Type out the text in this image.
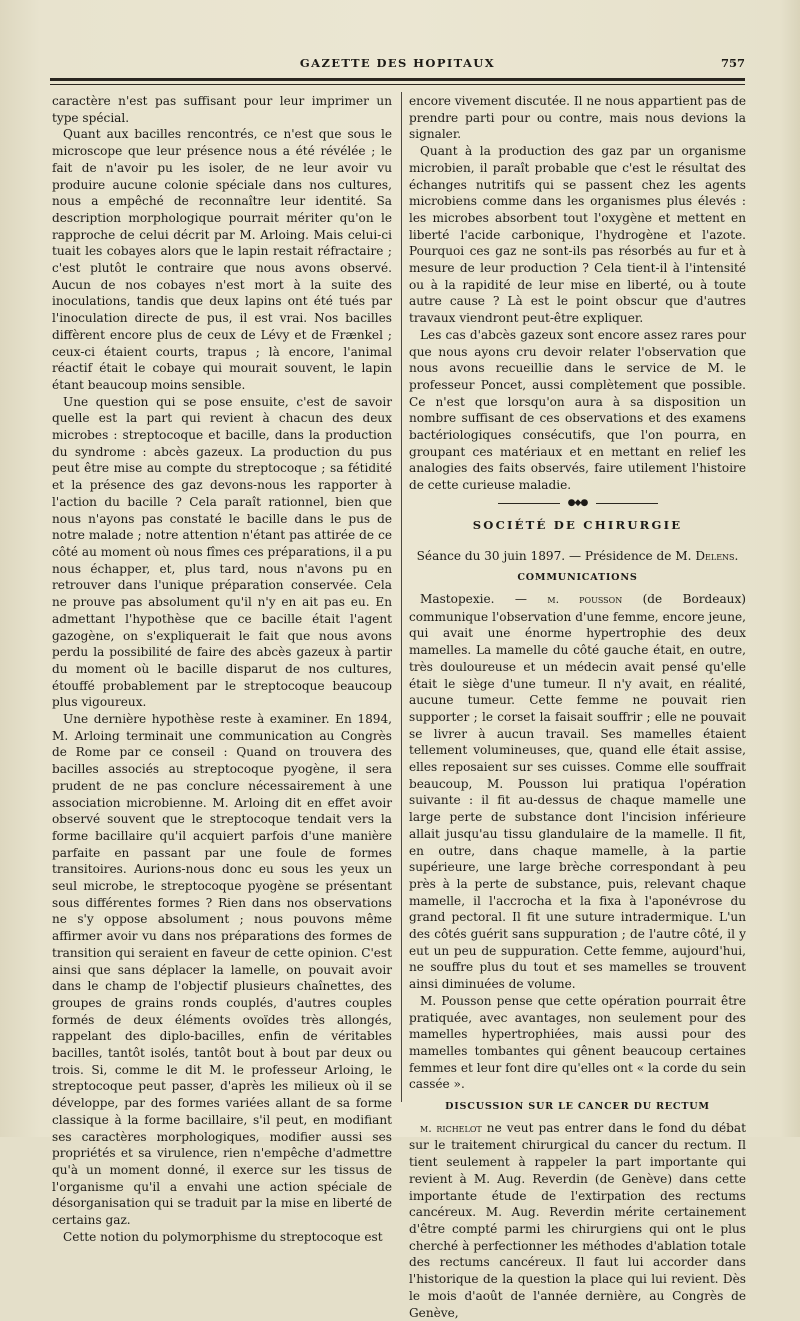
GAZETTE DES HOPITAUX	757

caractère n'est pas suffisant pour leur imprimer un type spécial.

Quant aux bacilles rencontrés, ce n'est que sous le microscope que leur présence nous a été révélée ; le fait de n'avoir pu les isoler, de ne leur avoir vu produire aucune colonie spéciale dans nos cultures, nous a empêché de reconnaître leur identité. Sa description morphologique pourrait mériter qu'on le rapproche de celui décrit par M. Arloing. Mais celui-ci tuait les cobayes alors que le lapin restait réfractaire ; c'est plutôt le contraire que nous avons observé. Aucun de nos cobayes n'est mort à la suite des inoculations, tandis que deux lapins ont été tués par l'inoculation directe de pus, il est vrai. Nos bacilles diffèrent encore plus de ceux de Lévy et de Frænkel ; ceux-ci étaient courts, trapus ; là encore, l'animal réactif était le cobaye qui mourait souvent, le lapin étant beaucoup moins sensible.

Une question qui se pose ensuite, c'est de savoir quelle est la part qui revient à chacun des deux microbes : streptocoque et bacille, dans la production du syndrome : abcès gazeux. La production du pus peut être mise au compte du streptocoque ; sa fétidité et la présence des gaz devons-nous les rapporter à l'action du bacille ? Cela paraît rationnel, bien que nous n'ayons pas constaté le bacille dans le pus de notre malade ; notre attention n'étant pas attirée de ce côté au moment où nous fîmes ces préparations, il a pu nous échapper, et, plus tard, nous n'avons pu en retrouver dans l'unique préparation conservée. Cela ne prouve pas absolument qu'il n'y en ait pas eu. En admettant l'hypothèse que ce bacille était l'agent gazogène, on s'expliquerait le fait que nous avons perdu la possibilité de faire des abcès gazeux à partir du moment où le bacille disparut de nos cultures, étouffé probablement par le streptocoque beaucoup plus vigoureux.

Une dernière hypothèse reste à examiner. En 1894, M. Arloing terminait une communication au Congrès de Rome par ce conseil : Quand on trouvera des bacilles associés au streptocoque pyogène, il sera prudent de ne pas conclure nécessairement à une association microbienne. M. Arloing dit en effet avoir observé souvent que le streptocoque tendait vers la forme bacillaire qu'il acquiert parfois d'une manière parfaite en passant par une foule de formes transitoires. Aurions-nous donc eu sous les yeux un seul microbe, le streptocoque pyogène se présentant sous différentes formes ? Rien dans nos observations ne s'y oppose absolument ; nous pouvons même affirmer avoir vu dans nos préparations des formes de transition qui seraient en faveur de cette opinion. C'est ainsi que sans déplacer la lamelle, on pouvait avoir dans le champ de l'objectif plusieurs chaînettes, des groupes de grains ronds couplés, d'autres couples formés de deux éléments ovoïdes très allongés, rappelant des diplo-bacilles, enfin de véritables bacilles, tantôt isolés, tantôt bout à bout par deux ou trois. Si, comme le dit M. le professeur Arloing, le streptocoque peut passer, d'après les milieux où il se développe, par des formes variées allant de sa forme classique à la forme bacillaire, s'il peut, en modifiant ses caractères morphologiques, modifier aussi ses propriétés et sa virulence, rien n'empêche d'admettre qu'à un moment donné, il exerce sur les tissus de l'organisme qu'il a envahi une action spéciale de désorganisation qui se traduit par la mise en liberté de certains gaz.

Cette notion du polymorphisme du streptocoque est

encore vivement discutée. Il ne nous appartient pas de prendre parti pour ou contre, mais nous devions la signaler.

Quant à la production des gaz par un organisme microbien, il paraît probable que c'est le résultat des échanges nutritifs qui se passent chez les agents microbiens comme dans les organismes plus élevés : les microbes absorbent tout l'oxygène et mettent en liberté l'acide carbonique, l'hydrogène et l'azote. Pourquoi ces gaz ne sont-ils pas résorbés au fur et à mesure de leur production ? Cela tient-il à l'intensité ou à la rapidité de leur mise en liberté, ou à toute autre cause ? Là est le point obscur que d'autres travaux viendront peut-être expliquer.

Les cas d'abcès gazeux sont encore assez rares pour que nous ayons cru devoir relater l'observation que nous avons recueillie dans le service de M. le professeur Poncet, aussi complètement que possible. Ce n'est que lorsqu'on aura à sa disposition un nombre suffisant de ces observations et des examens bactériologiques consécutifs, que l'on pourra, en groupant ces matériaux et en mettant en relief les analogies des faits observés, faire utilement l'histoire de cette curieuse maladie.

●◆●
SOCIÉTÉ DE CHIRURGIE
Séance du 30 juin 1897. — Présidence de M. Delens.
COMMUNICATIONS

Mastopexie. — m. pousson (de Bordeaux) communique l'observation d'une femme, encore jeune, qui avait une énorme hypertrophie des deux mamelles. La mamelle du côté gauche était, en outre, très douloureuse et un médecin avait pensé qu'elle était le siège d'une tumeur. Il n'y avait, en réalité, aucune tumeur. Cette femme ne pouvait rien supporter ; le corset la faisait souffrir ; elle ne pouvait se livrer à aucun travail. Ses mamelles étaient tellement volumineuses, que, quand elle était assise, elles reposaient sur ses cuisses. Comme elle souffrait beaucoup, M. Pousson lui pratiqua l'opération suivante : il fit au-dessus de chaque mamelle une large perte de substance dont l'incision inférieure allait jusqu'au tissu glandulaire de la mamelle. Il fit, en outre, dans chaque mamelle, à la partie supérieure, une large brèche correspondant à peu près à la perte de substance, puis, relevant chaque mamelle, il l'accrocha et la fixa à l'aponévrose du grand pectoral. Il fit une suture intradermique. L'un des côtés guérit sans suppuration ; de l'autre côté, il y eut un peu de suppuration. Cette femme, aujourd'hui, ne souffre plus du tout et ses mamelles se trouvent ainsi diminuées de volume.

M. Pousson pense que cette opération pourrait être pratiquée, avec avantages, non seulement pour des mamelles hypertrophiées, mais aussi pour des mamelles tombantes qui gênent beaucoup certaines femmes et leur font dire qu'elles ont « la corde du sein cassée ».

DISCUSSION SUR LE CANCER DU RECTUM

m. richelot ne veut pas entrer dans le fond du débat sur le traitement chirurgical du cancer du rectum. Il tient seulement à rappeler la part importante qui revient à M. Aug. Reverdin (de Genève) dans cette importante étude de l'extirpation des rectums cancéreux. M. Aug. Reverdin mérite certainement d'être compté parmi les chirurgiens qui ont le plus cherché à perfectionner les méthodes d'ablation totale des rectums cancéreux. Il faut lui accorder dans l'historique de la question la place qui lui revient. Dès le mois d'août de l'année dernière, au Congrès de Genève,
